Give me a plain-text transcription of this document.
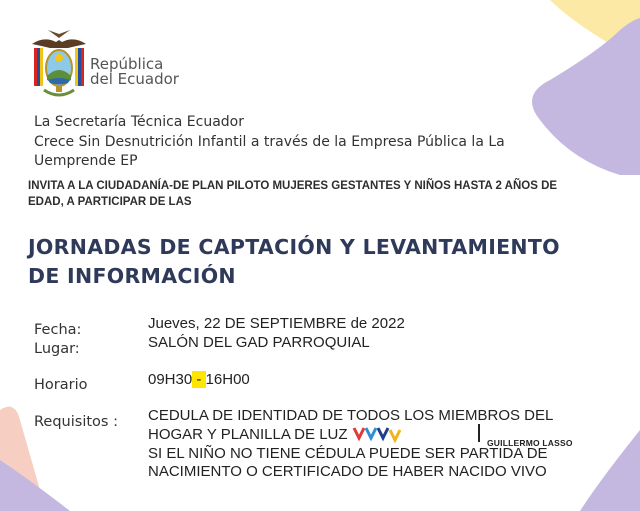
República
del Ecuador
La Secretaría Técnica Ecuador
Crece Sin Desnutrición Infantil a través de la Empresa Pública la La
Uemprende EP
INVITA A LA CIUDADANÍA-DE PLAN PILOTO MUJERES GESTANTES Y NIÑOS HASTA 2 AÑOS DE
EDAD, A PARTICIPAR DE LAS
JORNADAS DE CAPTACIÓN Y LEVANTAMIENTO
DE INFORMACIÓN
Fecha:
Lugar:
Jueves, 22 DE SEPTIEMBRE de 2022
SALÓN DEL GAD PARROQUIAL
Horario	09H30 - 16H00
Requisitos : CEDULA DE IDENTIDAD DE TODOS LOS MIEMBROS DEL
HOGAR Y PLANILLA DE LUZ
SI EL NIÑO NO TIENE CÉDULA PUEDE SER PARTIDA DE
NACIMIENTO O CERTIFICADO DE HABER NACIDO VIVO
GUILLERMO LASSO
